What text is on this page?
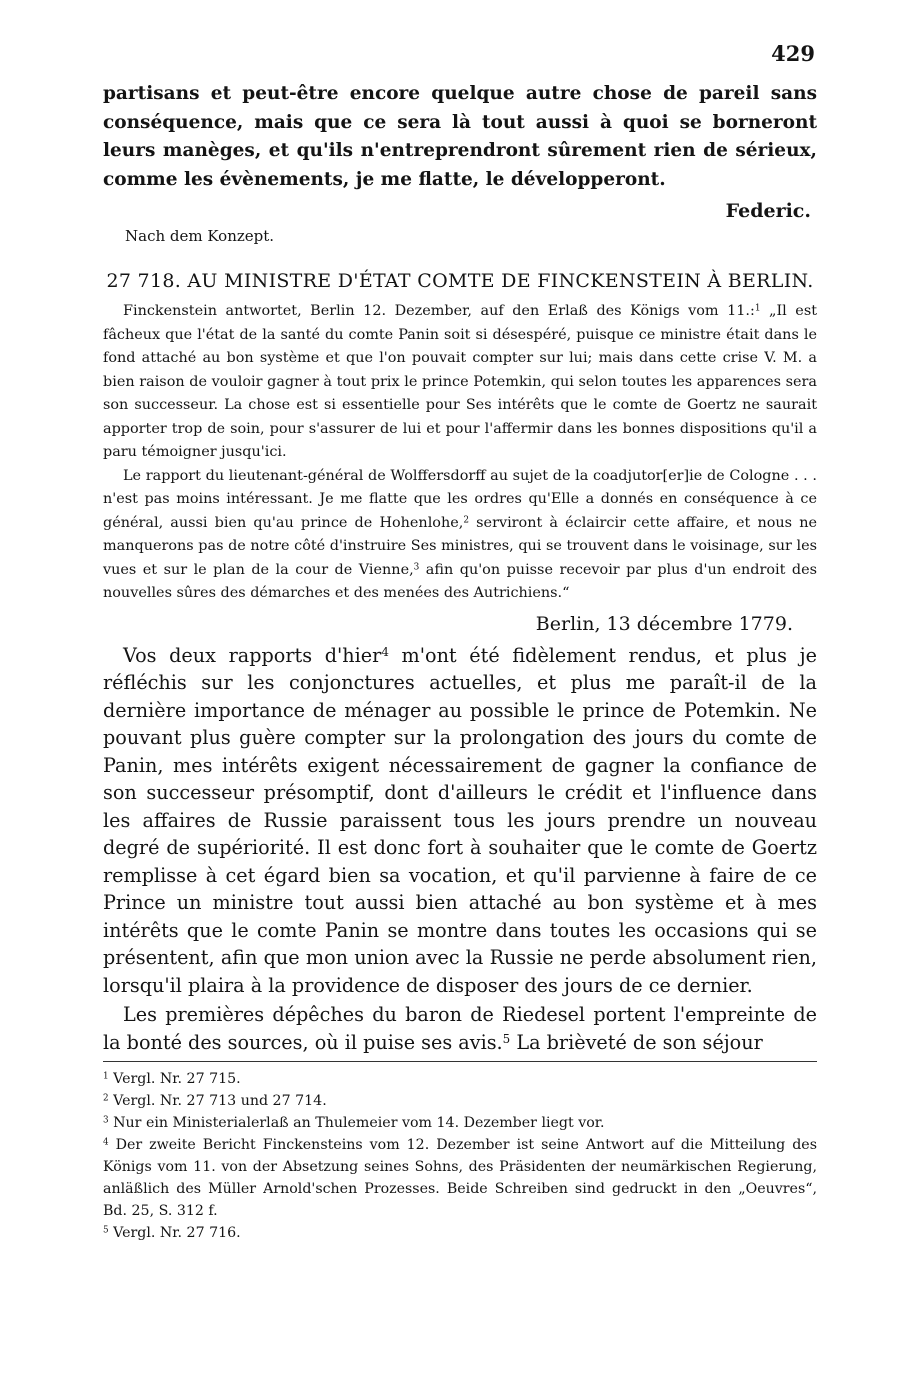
429

partisans et peut-être encore quelque autre chose de pareil sans conséquence, mais que ce sera là tout aussi à quoi se borneront leurs manèges, et qu'ils n'entreprendront sûrement rien de sérieux, comme les évènements, je me flatte, le développeront.

Federic.
Nach dem Konzept.
27 718. AU MINISTRE D'ÉTAT COMTE DE FINCKENSTEIN À BERLIN.

Finckenstein antwortet, Berlin 12. Dezember, auf den Erlaß des Königs vom 11.:$^1$ „Il est fâcheux que l'état de la santé du comte Panin soit si désespéré, puisque ce ministre était dans le fond attaché au bon système et que l'on pouvait compter sur lui; mais dans cette crise V. M. a bien raison de vouloir gagner à tout prix le prince Potemkin, qui selon toutes les apparences sera son successeur. La chose est si essentielle pour Ses intérêts que le comte de Goertz ne saurait apporter trop de soin, pour s'assurer de lui et pour l'affermir dans les bonnes dispositions qu'il a paru témoigner jusqu'ici.

Le rapport du lieutenant-général de Wolffersdorff au sujet de la coadjutor[er]ie de Cologne . . . n'est pas moins intéressant. Je me flatte que les ordres qu'Elle a donnés en conséquence à ce général, aussi bien qu'au prince de Hohenlohe,$^2$ serviront à éclaircir cette affaire, et nous ne manquerons pas de notre côté d'instruire Ses ministres, qui se trouvent dans le voisinage, sur les vues et sur le plan de la cour de Vienne,$^3$ afin qu'on puisse recevoir par plus d'un endroit des nouvelles sûres des démarches et des menées des Autrichiens.“

Berlin, 13 décembre 1779.

Vos deux rapports d'hier$^4$ m'ont été fidèlement rendus, et plus je réfléchis sur les conjonctures actuelles, et plus me paraît-il de la dernière importance de ménager au possible le prince de Potemkin. Ne pouvant plus guère compter sur la prolongation des jours du comte de Panin, mes intérêts exigent nécessairement de gagner la confiance de son successeur présomptif, dont d'ailleurs le crédit et l'influence dans les affaires de Russie paraissent tous les jours prendre un nouveau degré de supériorité. Il est donc fort à souhaiter que le comte de Goertz remplisse à cet égard bien sa vocation, et qu'il parvienne à faire de ce Prince un ministre tout aussi bien attaché au bon système et à mes intérêts que le comte Panin se montre dans toutes les occasions qui se présentent, afin que mon union avec la Russie ne perde absolument rien, lorsqu'il plaira à la providence de disposer des jours de ce dernier.

Les premières dépêches du baron de Riedesel portent l'empreinte de la bonté des sources, où il puise ses avis.$^5$ La brièveté de son séjour

$^1$ Vergl. Nr. 27 715.

$^2$ Vergl. Nr. 27 713 und 27 714.

$^3$ Nur ein Ministerialerlaß an Thulemeier vom 14. Dezember liegt vor.

$^4$ Der zweite Bericht Finckensteins vom 12. Dezember ist seine Antwort auf die Mitteilung des Königs vom 11. von der Absetzung seines Sohns, des Präsidenten der neumärkischen Regierung, anläßlich des Müller Arnold'schen Prozesses. Beide Schreiben sind gedruckt in den „Oeuvres“, Bd. 25, S. 312 f.

$^5$ Vergl. Nr. 27 716.
